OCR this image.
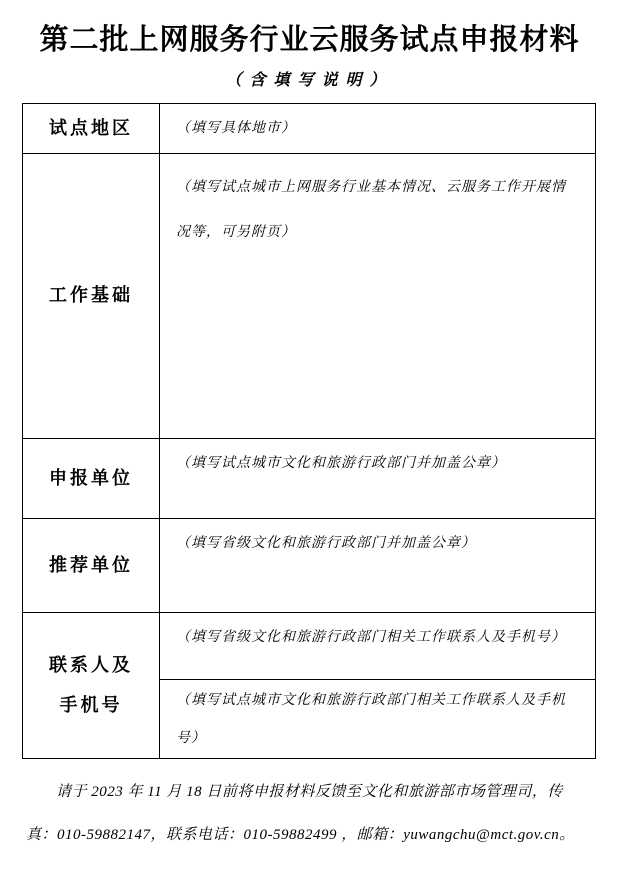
第二批上网服务行业云服务试点申报材料
（含填写说明）
试点地区	（填写具体地市）
工作基础	（填写试点城市上网服务行业基本情况、云服务工作开展情况等，可另附页）
申报单位	（填写试点城市文化和旅游行政部门并加盖公章）
推荐单位	（填写省级文化和旅游行政部门并加盖公章）
联系人及
手机号	（填写省级文化和旅游行政部门相关工作联系人及手机号）
	（填写试点城市文化和旅游行政部门相关工作联系人及手机号）
请于 2023 年 11 月 18 日前将申报材料反馈至文化和旅游部市场管理司，传
真：010-59882147，联系电话：010-59882499 ，邮箱：yuwangchu@mct.gov.cn。
